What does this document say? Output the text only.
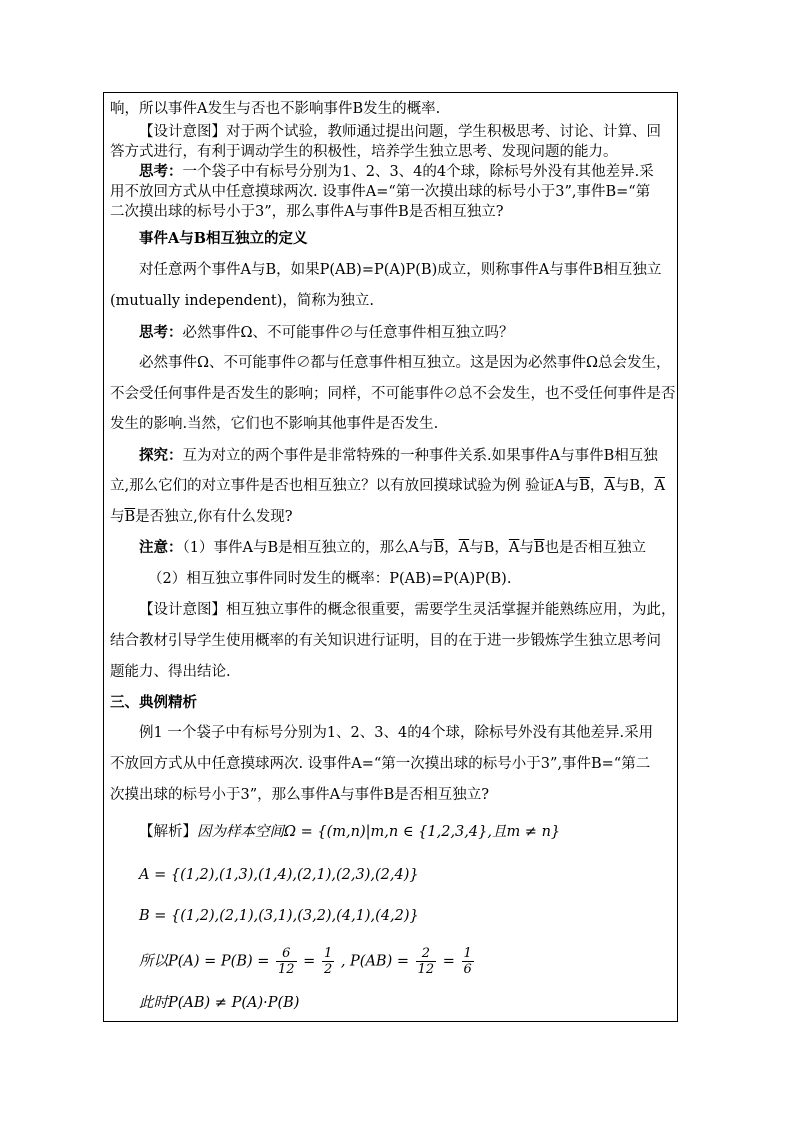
响，所以事件A发生与否也不影响事件B发生的概率.
【设计意图】对于两个试验，教师通过提出问题，学生积极思考、讨论、计算、回
答方式进行，有利于调动学生的积极性，培养学生独立思考、发现问题的能力。
思考：一个袋子中有标号分别为1、2、3、4的4个球，除标号外没有其他差异.采
用不放回方式从中任意摸球两次. 设事件A=“第一次摸出球的标号小于3”,事件B=“第
二次摸出球的标号小于3”，那么事件A与事件B是否相互独立?
事件A与B相互独立的定义
对任意两个事件A与B，如果P(AB)=P(A)P(B)成立，则称事件A与事件B相互独立
(mutually independent)，简称为独立.
思考：必然事件Ω、不可能事件∅与任意事件相互独立吗？
必然事件Ω、不可能事件∅都与任意事件相互独立。这是因为必然事件Ω总会发生，
不会受任何事件是否发生的影响；同样，不可能事件∅总不会发生，也不受任何事件是否
发生的影响.当然，它们也不影响其他事件是否发生.
探究：互为对立的两个事件是非常特殊的一种事件关系.如果事件A与事件B相互独
立,那么它们的对立事件是否也相互独立？以有放回摸球试验为例 验证A与$\overline{B}$，$\overline{A}$与B，$\overline{A}$
与$\overline{B}$是否独立,你有什么发现?
注意：（1）事件A与B是相互独立的，那么A与$\overline{B}$，$\overline{A}$与B，$\overline{A}$与$\overline{B}$也是否相互独立
（2）相互独立事件同时发生的概率：P(AB)=P(A)P(B).
【设计意图】相互独立事件的概念很重要，需要学生灵活掌握并能熟练应用，为此，
结合教材引导学生使用概率的有关知识进行证明，目的在于进一步锻炼学生独立思考问
题能力、得出结论.
三、典例精析
例1 一个袋子中有标号分别为1、2、3、4的4个球，除标号外没有其他差异.采用
不放回方式从中任意摸球两次. 设事件A=“第一次摸出球的标号小于3”,事件B=“第二
次摸出球的标号小于3”，那么事件A与事件B是否相互独立?
【解析】因为样本空间Ω = {(m,n)|m,n ∈ {1,2,3,4},且m ≠ n}
A = {(1,2),(1,3),(1,4),(2,1),(2,3),(2,4)}
B = {(1,2),(2,1),(3,1),(3,2),(4,1),(4,2)}
所以$P(A) = P(B) = \frac{6}{12} = \frac{1}{2}$ , $P(AB) = \frac{2}{12} = \frac{1}{6}$
此时P(AB) ≠ P(A)·P(B)
